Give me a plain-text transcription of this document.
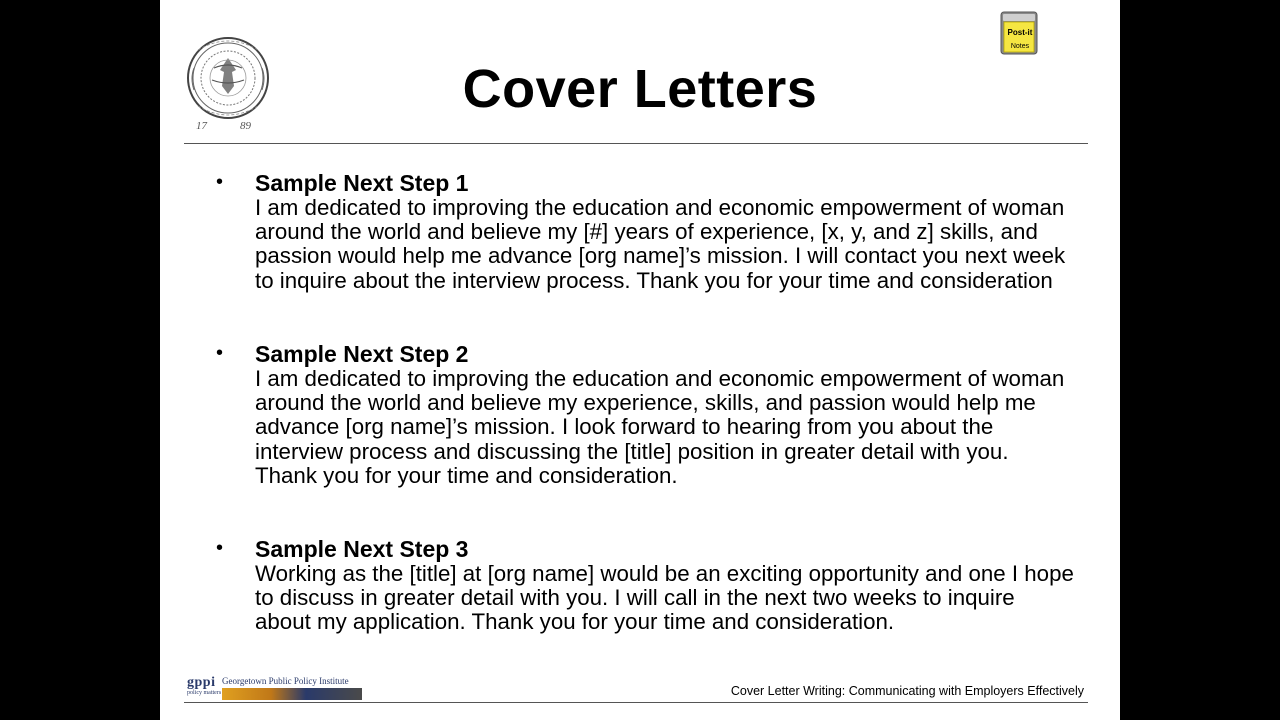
17	89
Cover Letters
Post-it
Notes
•	Sample Next Step 1
I am dedicated to improving the education and economic empowerment of woman around the world and believe my [#] years of experience, [x, y, and z] skills, and passion would help me advance [org name]’s mission. I will contact you next week to inquire about the interview process. Thank you for your time and consideration
•	Sample Next Step 2
I am dedicated to improving the education and economic empowerment of woman around the world and believe my experience, skills, and passion would help me advance [org name]’s mission. I look forward to hearing from you about the interview process and discussing the [title] position in greater detail with you. Thank you for your time and consideration.
•	Sample Next Step 3
Working as the [title] at [org name] would be an exciting opportunity and one I hope to discuss in greater detail with you. I will call in the next two weeks to inquire about my application. Thank you for your time and consideration.
gppi
policy matters
Georgetown Public Policy Institute
Cover Letter Writing: Communicating with Employers Effectively
